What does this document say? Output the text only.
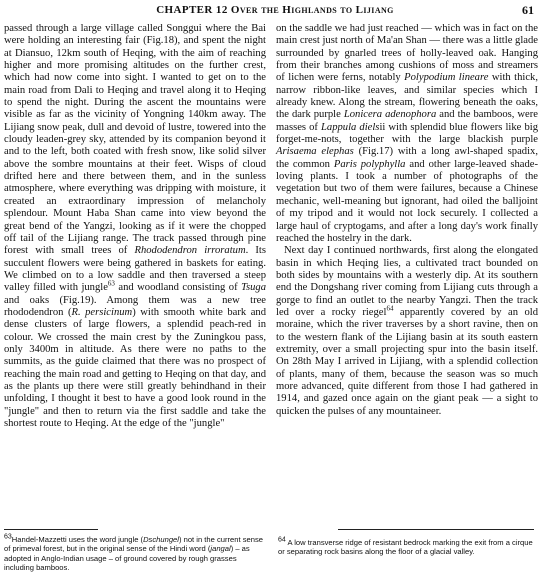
CHAPTER 12 Over the Highlands to Lijiang	61

passed through a large village called Songgui where the Bai were holding an interesting fair (Fig.18), and spent the night at Diansuo, 12km south of Heqing, with the aim of reaching higher and more promising altitudes on the further crest, which had now come into sight. I wanted to get on to the main road from Dali to Heqing and travel along it to Heqing to spend the night. During the ascent the mountains were visible as far as the vicinity of Yongning 140km away. The Lijiang snow peak, dull and devoid of lustre, towered into the cloudy leaden-grey sky, attended by its companion beyond it and to the left, both coated with fresh snow, like solid silver above the sombre mountains at their feet. Wisps of cloud drifted here and there between them, and in the sunless atmosphere, where everything was dripping with moisture, it created an extraordinary impression of melancholy splendour. Mount Haba Shan came into view beyond the great bend of the Yangzi, looking as if it were the chopped off tail of the Lijiang range. The track passed through pine forest with small trees of Rhododendron irroratum. Its succulent flowers were being gathered in baskets for eating. We climbed on to a low saddle and then traversed a steep valley filled with jungle$^{63}$ and woodland consisting of Tsuga and oaks (Fig.19). Among them was a new tree rhododendron (R. persicinum) with smooth white bark and dense clusters of large flowers, a splendid peach-red in colour. We crossed the main crest by the Zuningkou pass, only 3400m in altitude. As there were no paths to the summits, as the guide claimed that there was no prospect of reaching the main road and getting to Heqing on that day, and as the plants up there were still greatly behindhand in their unfolding, I thought it best to have a good look round in the "jungle" and then to return via the first saddle and take the shortest route to Heqing. At the edge of the "jungle"

on the saddle we had just reached — which was in fact on the main crest just north of Ma'an Shan — there was a little glade surrounded by gnarled trees of holly-leaved oak. Hanging from their branches among cushions of moss and streamers of lichen were ferns, notably Polypodium lineare with thick, narrow ribbon-like leaves, and similar species which I already knew. Along the stream, flowering beneath the oaks, the dark purple Lonicera adenophora and the bamboos, were masses of Lappula dielsii with splendid blue flowers like big forget-me-nots, together with the large blackish purple Arisaema elephas (Fig.17) with a long awl-shaped spadix, the common Paris polyphylla and other large-leaved shade-loving plants. I took a number of photographs of the vegetation but two of them were failures, because a Chinese mechanic, well-meaning but ignorant, had oiled the balljoint of my tripod and it would not lock securely. I collected a large haul of cryptogams, and after a long day's work finally reached the hostelry in the dark.

Next day I continued northwards, first along the elongated basin in which Heqing lies, a cultivated tract bounded on both sides by mountains with a westerly dip. At its southern end the Dongshang river coming from Lijiang cuts through a gorge to find an outlet to the nearby Yangzi. Then the track led over a rocky riegel$^{64}$ apparently covered by an old moraine, which the river traverses by a short ravine, then on to the western flank of the Lijiang basin at its south eastern extremity, over a small projecting spur into the basin itself. On 28th May I arrived in Lijiang, with a splendid collection of plants, many of them, because the season was so much more advanced, quite different from those I had gathered in 1914, and gazed once again on the giant peak — a sight to quicken the pulses of any mountaineer.

$^{63}$Handel-Mazzetti uses the word jungle (Dschungel) not in the current sense of primeval forest, but in the original sense of the Hindi word (jangal) – as adopted in Anglo-Indian usage – of ground covered by rough grasses including bamboos.
$^{64}$ A low transverse ridge of resistant bedrock marking the exit from a cirque or separating rock basins along the floor of a glacial valley.
